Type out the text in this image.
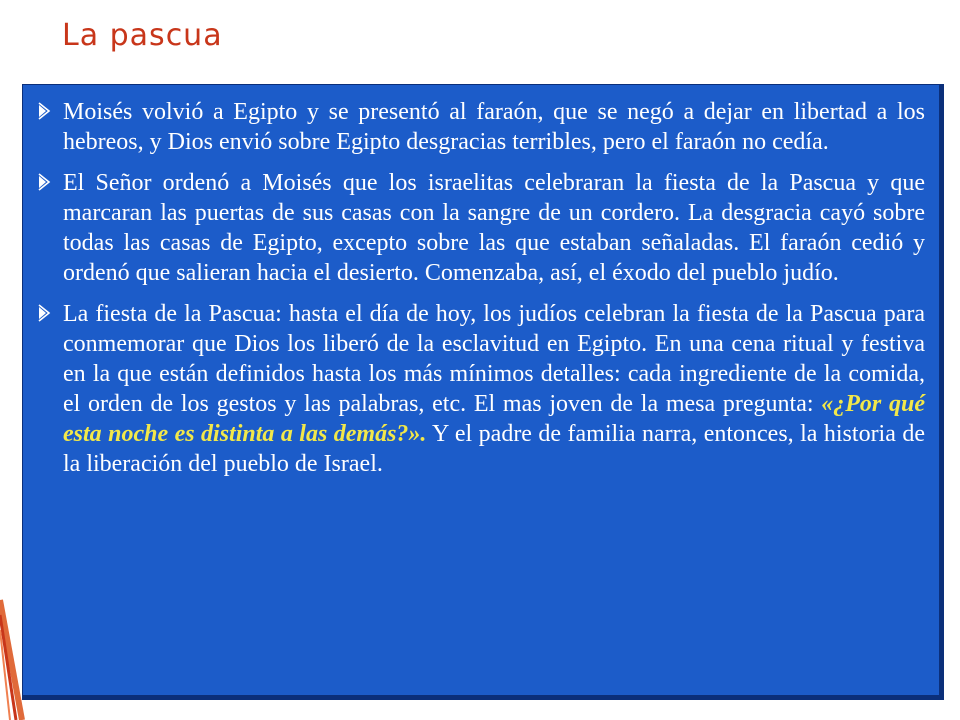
La pascua
Moisés volvió a Egipto y se presentó al faraón, que se negó a dejar en libertad a los hebreos, y Dios envió sobre Egipto desgracias terribles, pero el faraón no cedía.
El Señor ordenó a Moisés que los israelitas celebraran la fiesta de la Pascua y que marcaran las puertas de sus casas con la sangre de un cordero. La desgracia cayó sobre todas las casas de Egipto, excepto sobre las que estaban señaladas. El faraón cedió y ordenó que salieran hacia el desierto. Comenzaba, así, el éxodo del pueblo judío.
La fiesta de la Pascua: hasta el día de hoy, los judíos celebran la fiesta de la Pascua para conmemorar que Dios los liberó de la esclavitud en Egipto. En una cena ritual y festiva en la que están definidos hasta los más mínimos detalles: cada ingrediente de la comida, el orden de los gestos y las palabras, etc. El mas joven de la mesa pregunta: «¿Por qué esta noche es distinta a las demás?». Y el padre de familia narra, entonces, la historia de la liberación del pueblo de Israel.
